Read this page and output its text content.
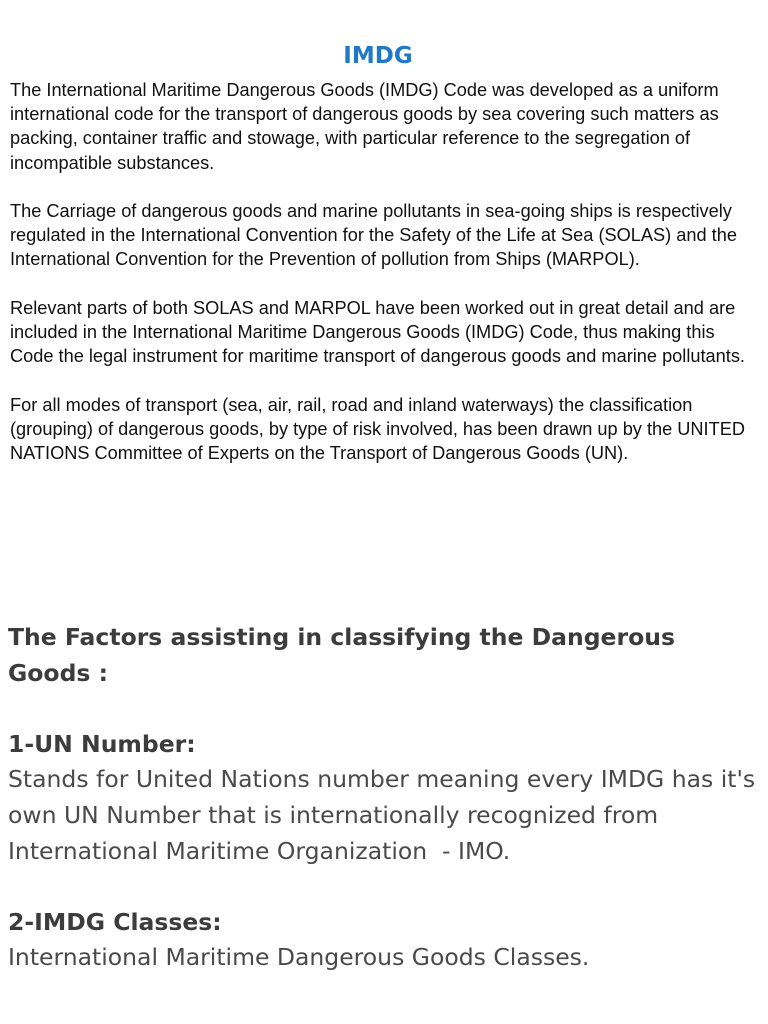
IMDG

The International Maritime Dangerous Goods (IMDG) Code was developed as a uniform international code for the transport of dangerous goods by sea covering such matters as packing, container traffic and stowage, with particular reference to the segregation of incompatible substances.

The Carriage of dangerous goods and marine pollutants in sea-going ships is respectively regulated in the International Convention for the Safety of the Life at Sea (SOLAS) and the International Convention for the Prevention of pollution from Ships (MARPOL).

Relevant parts of both SOLAS and MARPOL have been worked out in great detail and are included in the International Maritime Dangerous Goods (IMDG) Code, thus making this Code the legal instrument for maritime transport of dangerous goods and marine pollutants.

For all modes of transport (sea, air, rail, road and inland waterways) the classification (grouping) of dangerous goods, by type of risk involved, has been drawn up by the UNITED NATIONS Committee of Experts on the Transport of Dangerous Goods (UN).

The Factors assisting in classifying the Dangerous Goods :

1-UN Number:

Stands for United Nations number meaning every IMDG has it's own UN Number that is internationally recognized from International Maritime Organization  - IMO.

2-IMDG Classes:

International Maritime Dangerous Goods Classes.
